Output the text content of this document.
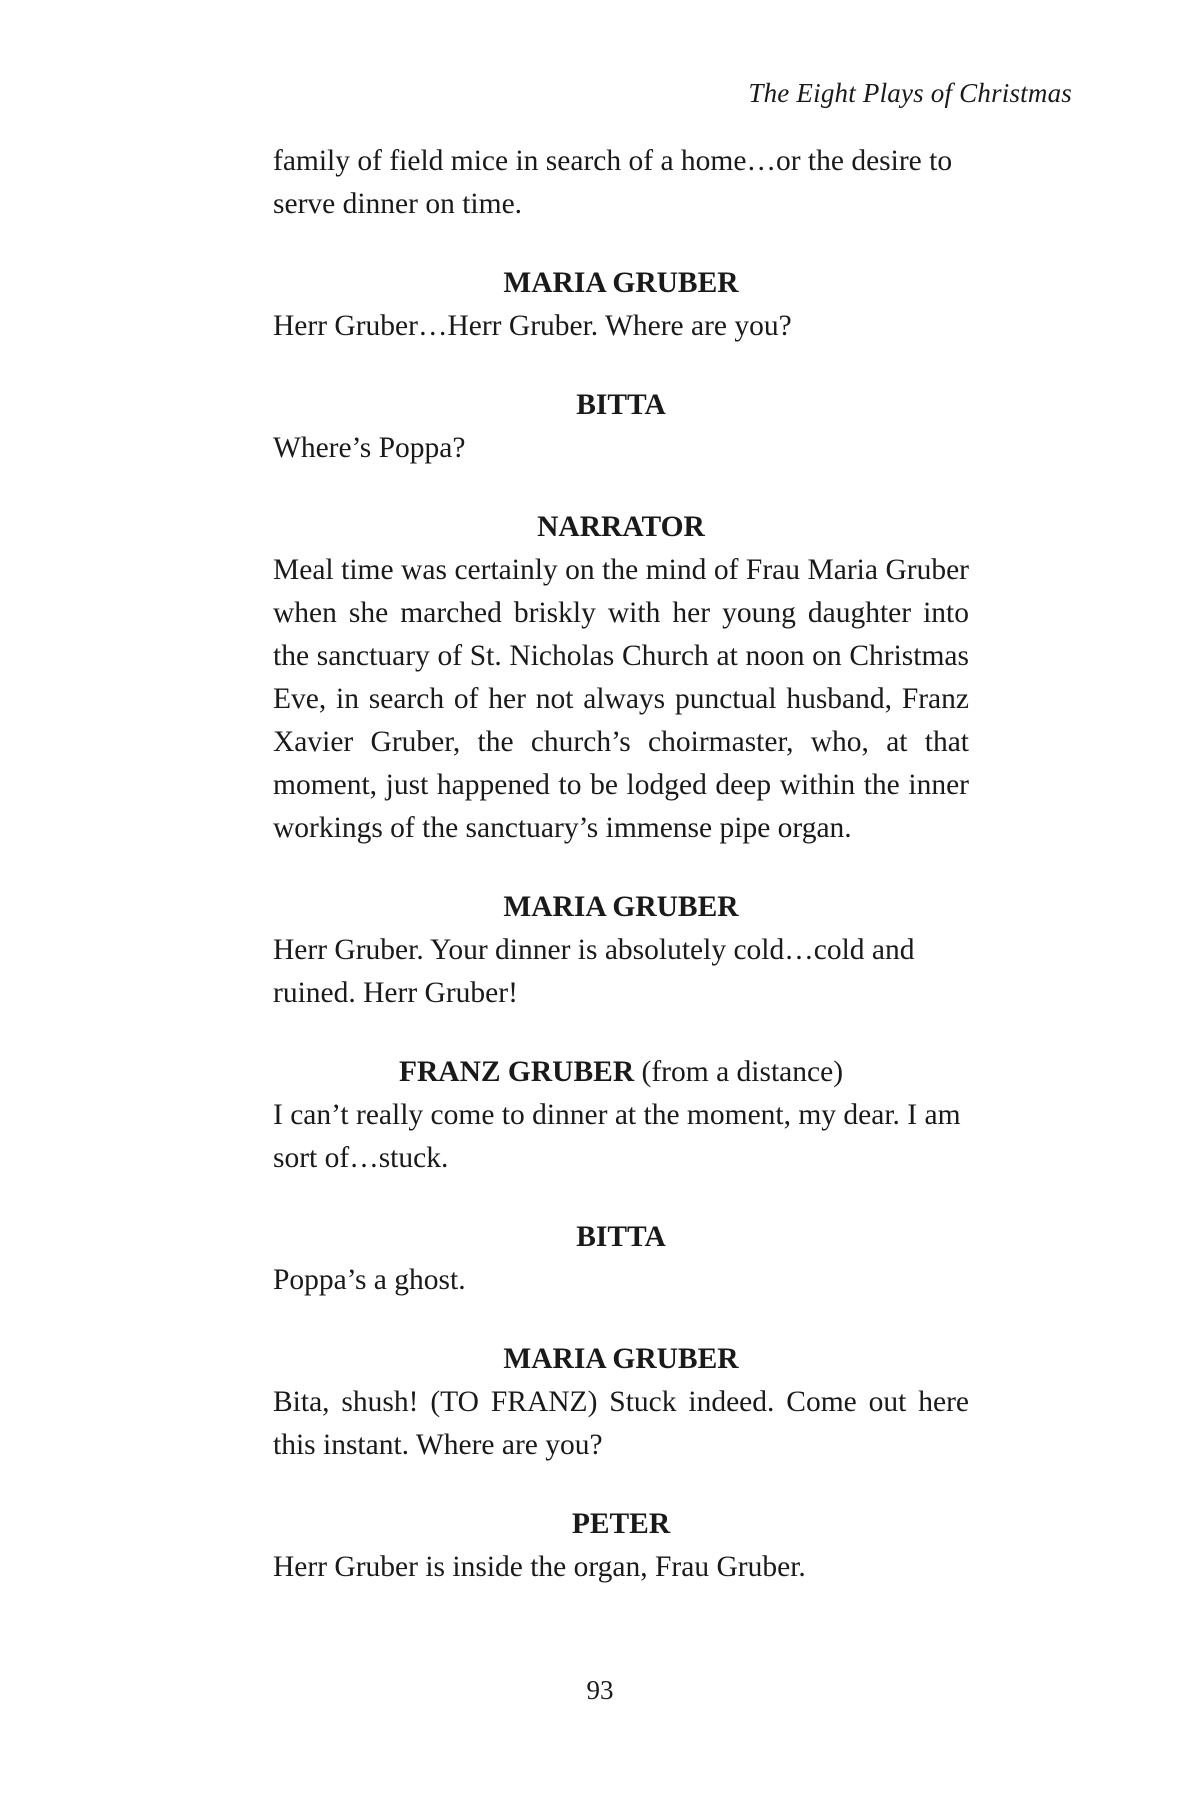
The Eight Plays of Christmas

family of field mice in search of a home…or the desire to serve dinner on time.

MARIA GRUBER

Herr Gruber…Herr Gruber. Where are you?

BITTA

Where’s Poppa?

NARRATOR

Meal time was certainly on the mind of Frau Maria Gruber when she marched briskly with her young daughter into the sanctuary of St. Nicholas Church at noon on Christmas Eve, in search of her not always punctual husband, Franz Xavier Gruber, the church’s choirmaster, who, at that moment, just happened to be lodged deep within the inner workings of the sanctuary’s immense pipe organ.

MARIA GRUBER

Herr Gruber. Your dinner is absolutely cold…cold and ruined. Herr Gruber!

FRANZ GRUBER (from a distance)

I can’t really come to dinner at the moment, my dear. I am sort of…stuck.

BITTA

Poppa’s a ghost.

MARIA GRUBER

Bita, shush! (TO FRANZ) Stuck indeed. Come out here this instant. Where are you?

PETER

Herr Gruber is inside the organ, Frau Gruber.

93
